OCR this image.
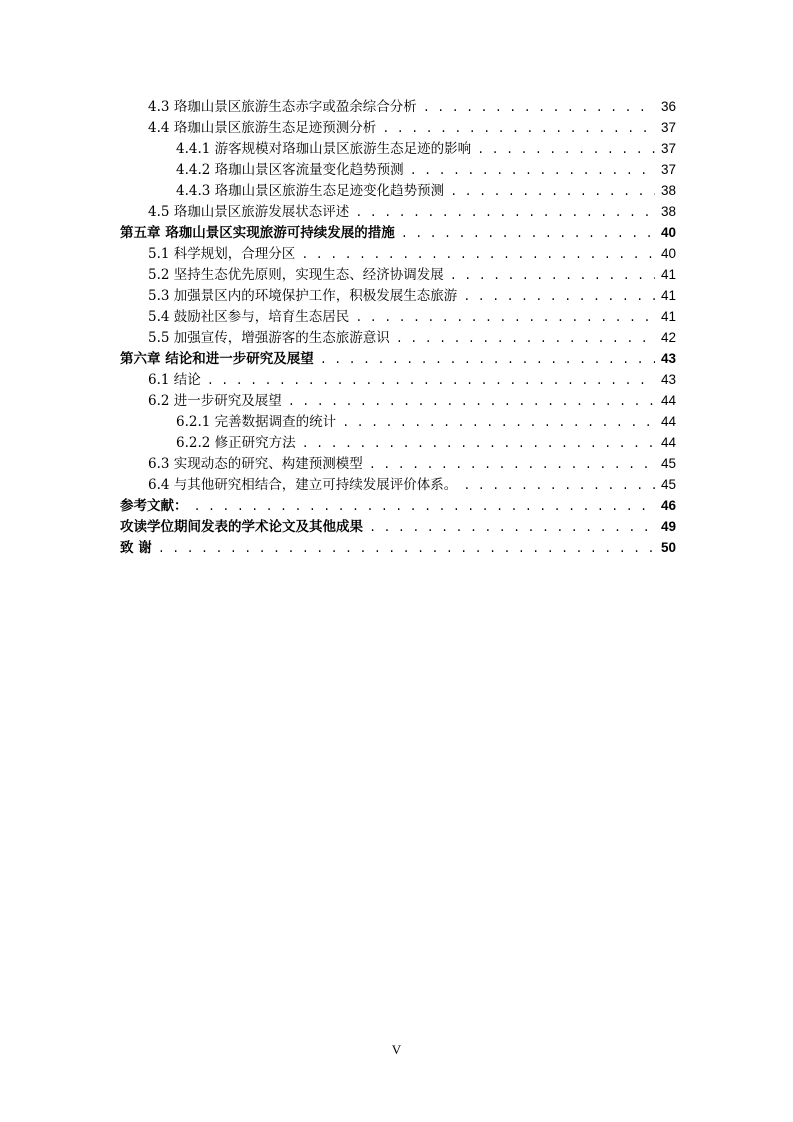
4.3 珞珈山景区旅游生态赤字或盈余综合分析 . . .	36
4.4 珞珈山景区旅游生态足迹预测分析 . . .	37
4.4.1 游客规模对珞珈山景区旅游生态足迹的影响 . . .	37
4.4.2 珞珈山景区客流量变化趋势预测 . . .	37
4.4.3 珞珈山景区旅游生态足迹变化趋势预测 . . .	38
4.5 珞珈山景区旅游发展状态评述 . . .	38
第五章 珞珈山景区实现旅游可持续发展的措施 . . .	40
5.1 科学规划，合理分区 . . .	40
5.2 坚持生态优先原则，实现生态、经济协调发展 . . .	41
5.3 加强景区内的环境保护工作，积极发展生态旅游 . . .	41
5.4 鼓励社区参与，培育生态居民 . . .	41
5.5 加强宣传，增强游客的生态旅游意识 . . .	42
第六章 结论和进一步研究及展望 . . .	43
6.1 结论 . . .	43
6.2 进一步研究及展望 . . .	44
6.2.1 完善数据调查的统计 . . .	44
6.2.2 修正研究方法 . . .	44
6.3 实现动态的研究、构建预测模型 . . .	45
6.4 与其他研究相结合，建立可持续发展评价体系。 . . .	45
参考文献： . . .	46
攻读学位期间发表的学术论文及其他成果 . . .	49
致 谢 . . .	50
V
